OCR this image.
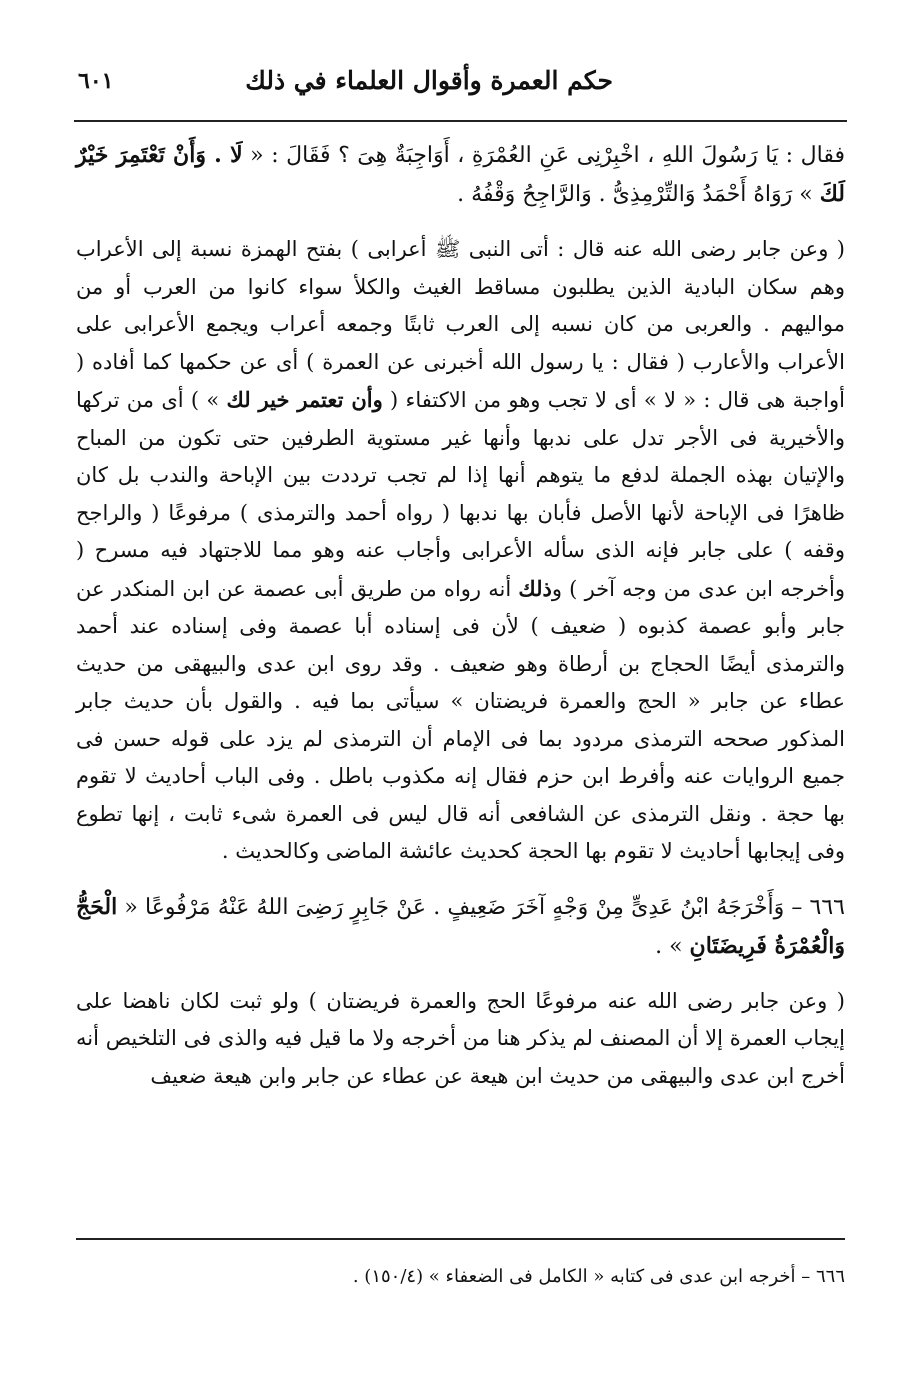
حكم العمرة وأقوال العلماء في ذلك
٦٠١

فقال : يَا رَسُولَ اللهِ ، اخْبِرْنِى عَنِ العُمْرَةِ ، أَوَاجِبَةٌ هِىَ ؟ فَقَالَ : « لَا . وَأَنْ تَعْتَمِرَ خَيْرٌ لَكَ » رَوَاهُ أَحْمَدُ وَالتِّرْمِذِىُّ . وَالرَّاجِحُ وَقْفُهُ .

( وعن جابر رضى الله عنه قال : أتى النبى ﷺ أعرابى ) بفتح الهمزة نسبة إلى الأعراب وهم سكان البادية الذين يطلبون مساقط الغيث والكلأ سواء كانوا من العرب أو من مواليهم . والعربى من كان نسبه إلى العرب ثابتًا وجمعه أعراب ويجمع الأعرابى على الأعراب والأعارب ( فقال : يا رسول الله أخبرنى عن العمرة ) أى عن حكمها كما أفاده ( أواجبة هى قال : « لا » أى لا تجب وهو من الاكتفاء ( وأن تعتمر خير لك » ) أى من تركها والأخيرية فى الأجر تدل على ندبها وأنها غير مستوية الطرفين حتى تكون من المباح والإتيان بهذه الجملة لدفع ما يتوهم أنها إذا لم تجب ترددت بين الإباحة والندب بل كان ظاهرًا فى الإباحة لأنها الأصل فأبان بها ندبها ( رواه أحمد والترمذى ) مرفوعًا ( والراجح وقفه ) على جابر فإنه الذى سأله الأعرابى وأجاب عنه وهو مما للاجتهاد فيه مسرح ( وأخرجه ابن عدى من وجه آخر ) وذلك أنه رواه من طريق أبى عصمة عن ابن المنكدر عن جابر وأبو عصمة كذبوه ( ضعيف ) لأن فى إسناده أبا عصمة وفى إسناده عند أحمد والترمذى أيضًا الحجاج بن أرطاة وهو ضعيف . وقد روى ابن عدى والبيهقى من حديث عطاء عن جابر « الحج والعمرة فريضتان » سيأتى بما فيه . والقول بأن حديث جابر المذكور صححه الترمذى مردود بما فى الإمام أن الترمذى لم يزد على قوله حسن فى جميع الروايات عنه وأفرط ابن حزم فقال إنه مكذوب باطل . وفى الباب أحاديث لا تقوم بها حجة . ونقل الترمذى عن الشافعى أنه قال ليس فى العمرة شىء ثابت ، إنها تطوع وفى إيجابها أحاديث لا تقوم بها الحجة كحديث عائشة الماضى وكالحديث .

٦٦٦ – وَأَخْرَجَهُ ابْنُ عَدِىٍّ مِنْ وَجْهٍ آخَرَ ضَعِيفٍ . عَنْ جَابِرٍ رَضِىَ اللهُ عَنْهُ مَرْفُوعًا « الْحَجُّ وَالْعُمْرَةُ فَرِيضَتَانِ » .

( وعن جابر رضى الله عنه مرفوعًا الحج والعمرة فريضتان ) ولو ثبت لكان ناهضا على إيجاب العمرة إلا أن المصنف لم يذكر هنا من أخرجه ولا ما قيل فيه والذى فى التلخيص أنه أخرج ابن عدى والبيهقى من حديث ابن هيعة عن عطاء عن جابر وابن هيعة ضعيف

٦٦٦ – أخرجه ابن عدى فى كتابه « الكامل فى الضعفاء » (١٥٠/٤) .
